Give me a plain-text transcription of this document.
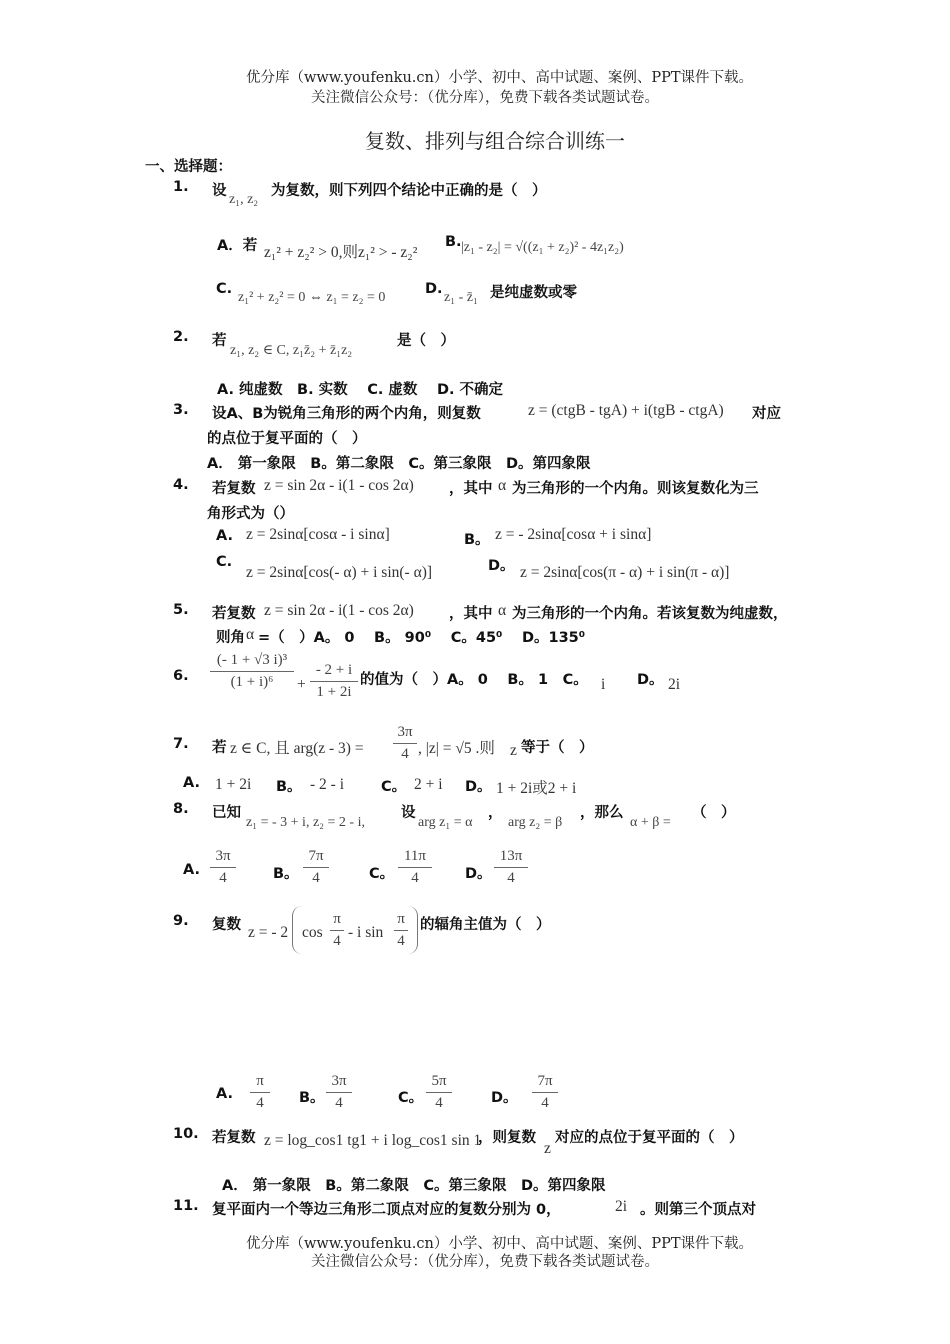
优分库（www.youfenku.cn）小学、初中、高中试题、案例、PPT课件下载。
关注微信公众号：（优分库），免费下载各类试题试卷。
复数、排列与组合综合训练一
一、选择题：
1. 设
z₁, z₂
为复数，则下列四个结论中正确的是（　）
A．若 z₁² + z₂² > 0,则z₁² > - z₂²
B. |z₁ - z₂| = √((z₁ + z₂)² - 4z₁z₂)
C.
z₁² + z₂² = 0 ⇔ z₁ = z₂ = 0
D.
z₁ - z̄₁ 是纯虚数或零
2. 若
z₁, z₂ ∈ C, z₁z̄₂ + z̄₁z₂
是（　）
A. 纯虚数　B. 实数　 C. 虚数　 D. 不确定
3. 设A、B为锐角三角形的两个内角，则复数	z = (ctgB - tgA) + i(tgB - ctgA) 对应
的点位于复平面的（　）
A． 第一象限　B。第二象限　C。第三象限　D。第四象限
4. 若复数 z = sin 2α - i(1 - cos 2α) ，其中 α 为三角形的一个内角。则该复数化为三
角形式为（）
A. z = 2sinα[cosα - i sinα]	B。 z = - 2sinα[cosα + i sinα]
C.
z = 2sinα[cos(- α) + i sin(- α)]	D。 z = 2sinα[cos(π - α) + i sin(π - α)]
5. 若复数 z = sin 2α - i(1 - cos 2α) ，其中 α 为三角形的一个内角。若该复数为纯虚数，
则角 α =（　）A。 0　 B。 90⁰　 C。45⁰　 D。135⁰
6. $\frac{\text{(- 1 + √3 i)³}}{\text{(1 + i)⁶}} + \frac{- 2 + i}{1 + 2i}$ 的值为（　）A。 0　 B。 1　C。 i D。 2i
7. 若 z ∈ C, 且 $arg(z - 3) = \frac{3\pi}{4}$ , |z| = √5 .则 z 等于（　）
A. 1 + 2i B。 - 2 - i	C。 2 + i D。 1 + 2i或2 + i
8. 已知
z₁ = - 3 + i, z₂ = 2 - i,
设
arg z₁ = α
，
arg z₂ = β
，那么
α + β =
（　）
A. $\frac{3\pi}{4}$	B。 $\frac{7\pi}{4}$	C。 $\frac{11\pi}{4}$ D。 $\frac{13\pi}{4}$
9. 复数 z = - 2 $\cos \frac{\pi}{4}$ - i $\sin \frac{\pi}{4}$ 的辐角主值为（　）
A. $\frac{\pi}{4}$ B。 $\frac{3\pi}{4}$	C。 $\frac{5\pi}{4}$	D。 $\frac{7\pi}{4}$
10. 若复数 z = log_cos1 tg1 + i log_cos1 sin 1
，则复数
z
对应的点位于复平面的（　）
A． 第一象限　B。第二象限　C。第三象限　D。第四象限
11. 复平面内一个等边三角形二顶点对应的复数分别为 0，	2i 。则第三个顶点对
优分库（www.youfenku.cn）小学、初中、高中试题、案例、PPT课件下载。
关注微信公众号：（优分库），免费下载各类试题试卷。
